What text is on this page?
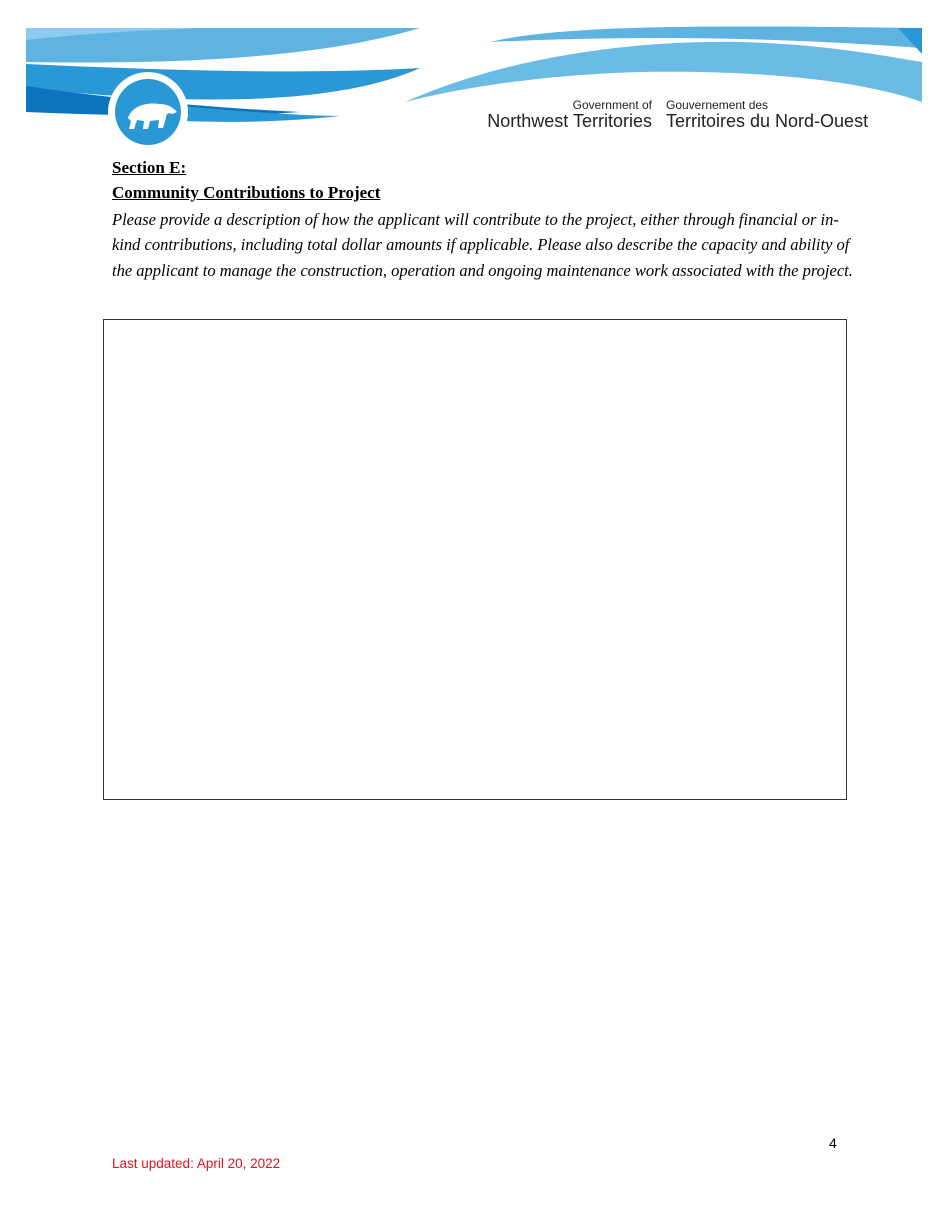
Government of
Northwest Territories
Gouvernement des
Territoires du Nord-Ouest
Section E:
Community Contributions to Project
Please provide a description of how the applicant will contribute to the project, either through financial or in-kind contributions, including total dollar amounts if applicable. Please also describe the capacity and ability of the applicant to manage the construction, operation and ongoing maintenance work associated with the project.
4
Last updated: April 20, 2022
